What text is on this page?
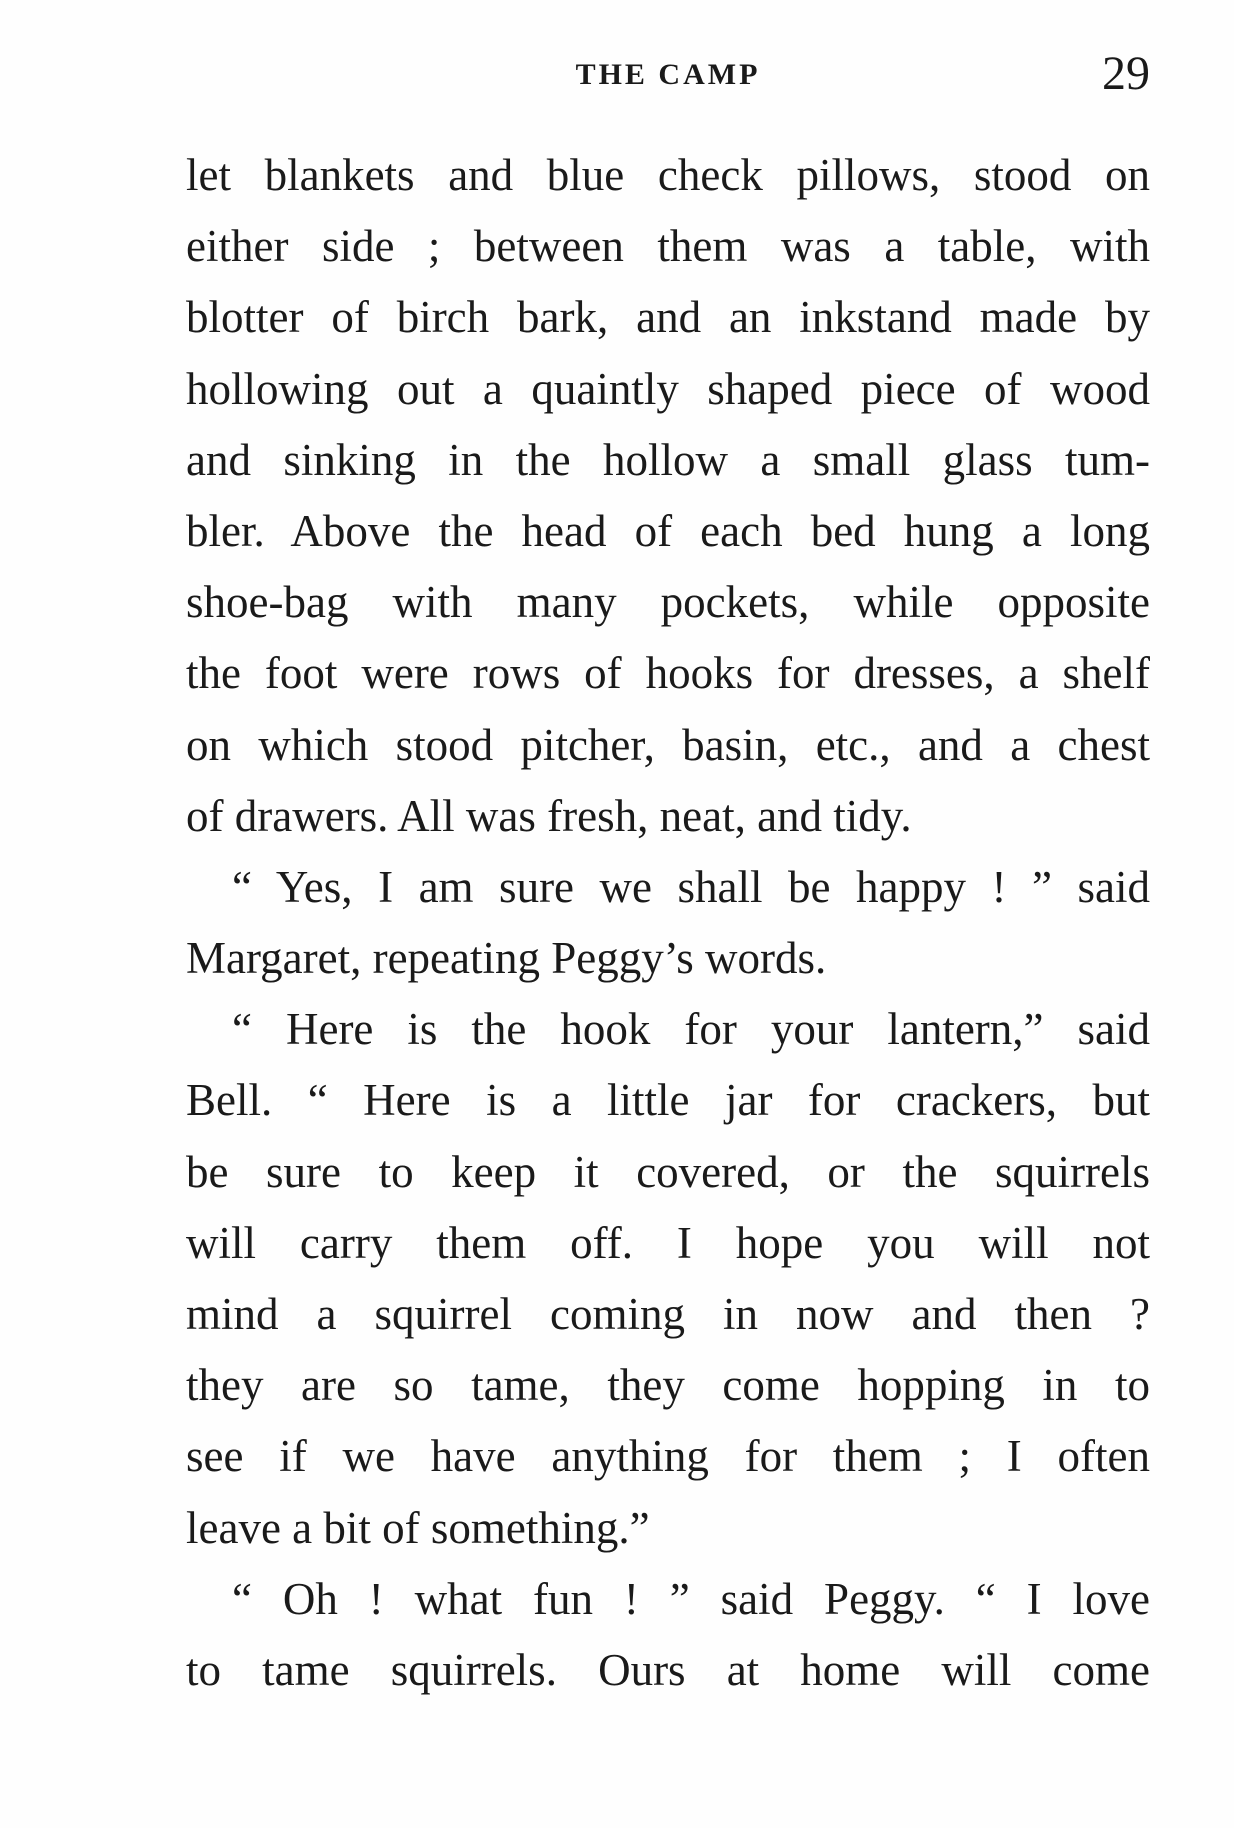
THE CAMP	29
let blankets and blue check pillows, stood on
either side ; between them was a table, with
blotter of birch bark, and an inkstand made by
hollowing out a quaintly shaped piece of wood
and sinking in the hollow a small glass tum-
bler. Above the head of each bed hung a long
shoe-bag with many pockets, while opposite
the foot were rows of hooks for dresses, a shelf
on which stood pitcher, basin, etc., and a chest
of drawers. All was fresh, neat, and tidy.
“ Yes, I am sure we shall be happy ! ” said
Margaret, repeating Peggy’s words.
“ Here is the hook for your lantern,” said
Bell. “ Here is a little jar for crackers, but
be sure to keep it covered, or the squirrels
will carry them off. I hope you will not
mind a squirrel coming in now and then ?
they are so tame, they come hopping in to
see if we have anything for them ; I often
leave a bit of something.”
“ Oh ! what fun ! ” said Peggy. “ I love
to tame squirrels. Ours at home will come
